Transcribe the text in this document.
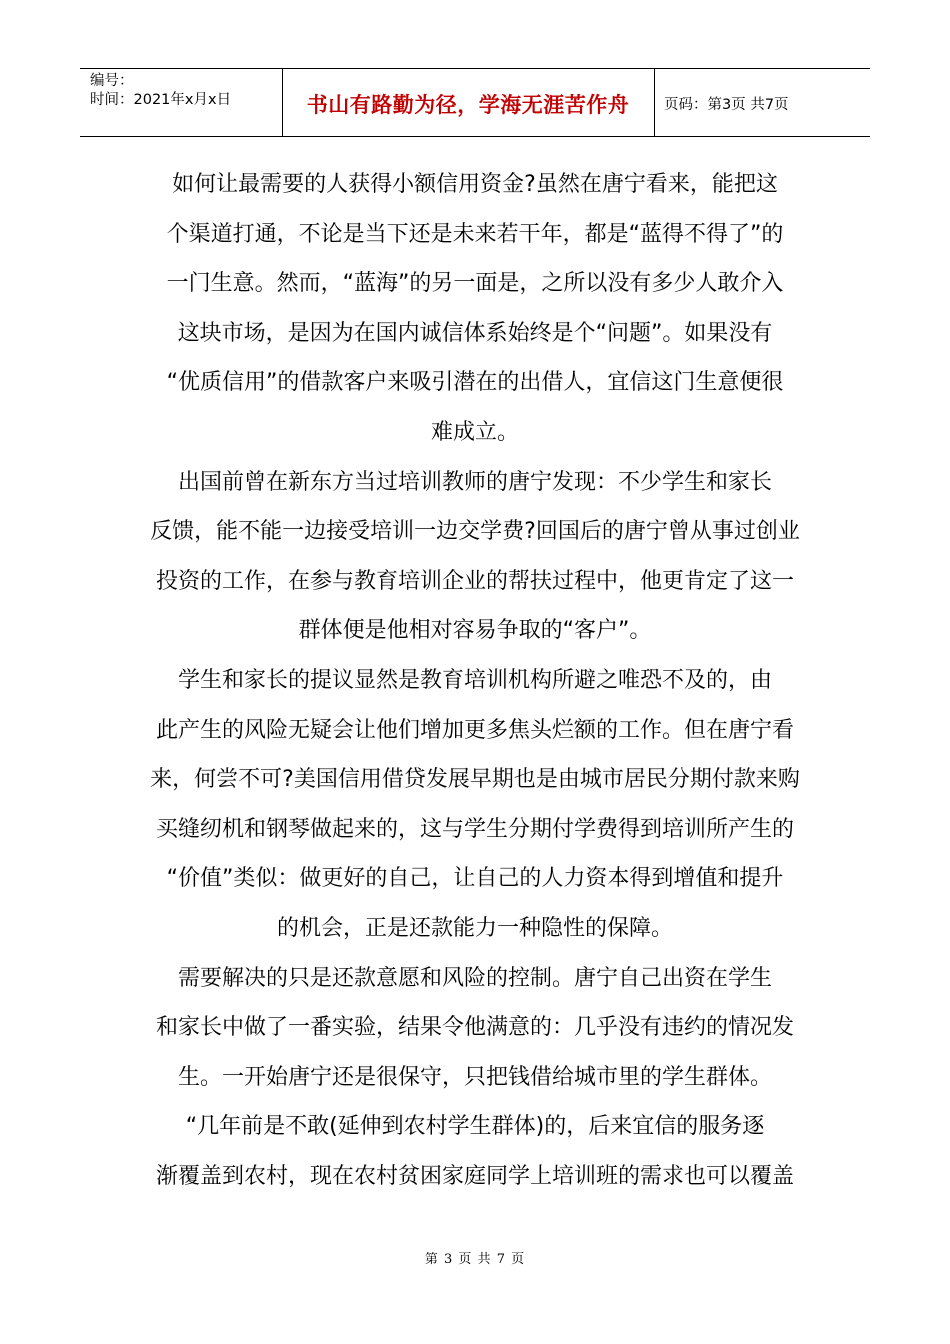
编号：
时间：2021年x月x日	书山有路勤为径，学海无涯苦作舟	页码：第3页 共7页

如何让最需要的人获得小额信用资金?虽然在唐宁看来，能把这

个渠道打通，不论是当下还是未来若干年，都是“蓝得不得了”的

一门生意。然而，“蓝海”的另一面是，之所以没有多少人敢介入

这块市场，是因为在国内诚信体系始终是个“问题”。如果没有

“优质信用”的借款客户来吸引潜在的出借人，宜信这门生意便很

难成立。

出国前曾在新东方当过培训教师的唐宁发现：不少学生和家长

反馈，能不能一边接受培训一边交学费?回国后的唐宁曾从事过创业

投资的工作，在参与教育培训企业的帮扶过程中，他更肯定了这一

群体便是他相对容易争取的“客户”。

学生和家长的提议显然是教育培训机构所避之唯恐不及的，由

此产生的风险无疑会让他们增加更多焦头烂额的工作。但在唐宁看

来，何尝不可?美国信用借贷发展早期也是由城市居民分期付款来购

买缝纫机和钢琴做起来的，这与学生分期付学费得到培训所产生的

“价值”类似：做更好的自己，让自己的人力资本得到增值和提升

的机会，正是还款能力一种隐性的保障。

需要解决的只是还款意愿和风险的控制。唐宁自己出资在学生

和家长中做了一番实验，结果令他满意的：几乎没有违约的情况发

生。一开始唐宁还是很保守，只把钱借给城市里的学生群体。

“几年前是不敢(延伸到农村学生群体)的，后来宜信的服务逐

渐覆盖到农村，现在农村贫困家庭同学上培训班的需求也可以覆盖

第 3 页 共 7 页
